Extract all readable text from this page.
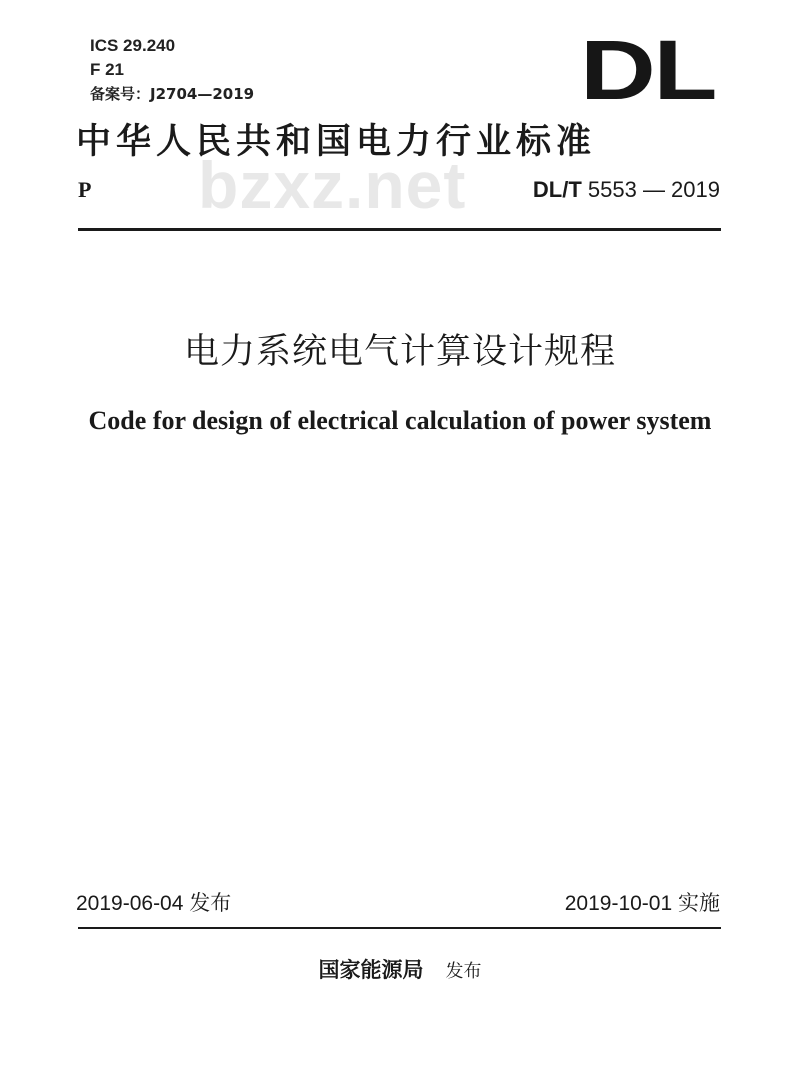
ICS 29.240
F 21
备案号：J2704—2019	DL
bzxz.net
中华人民共和国电力行业标准
P	DL/T 5553 — 2019
电力系统电气计算设计规程
Code for design of electrical calculation of power system
2019-06-04 发布	2019-10-01 实施
国家能源局 发布
